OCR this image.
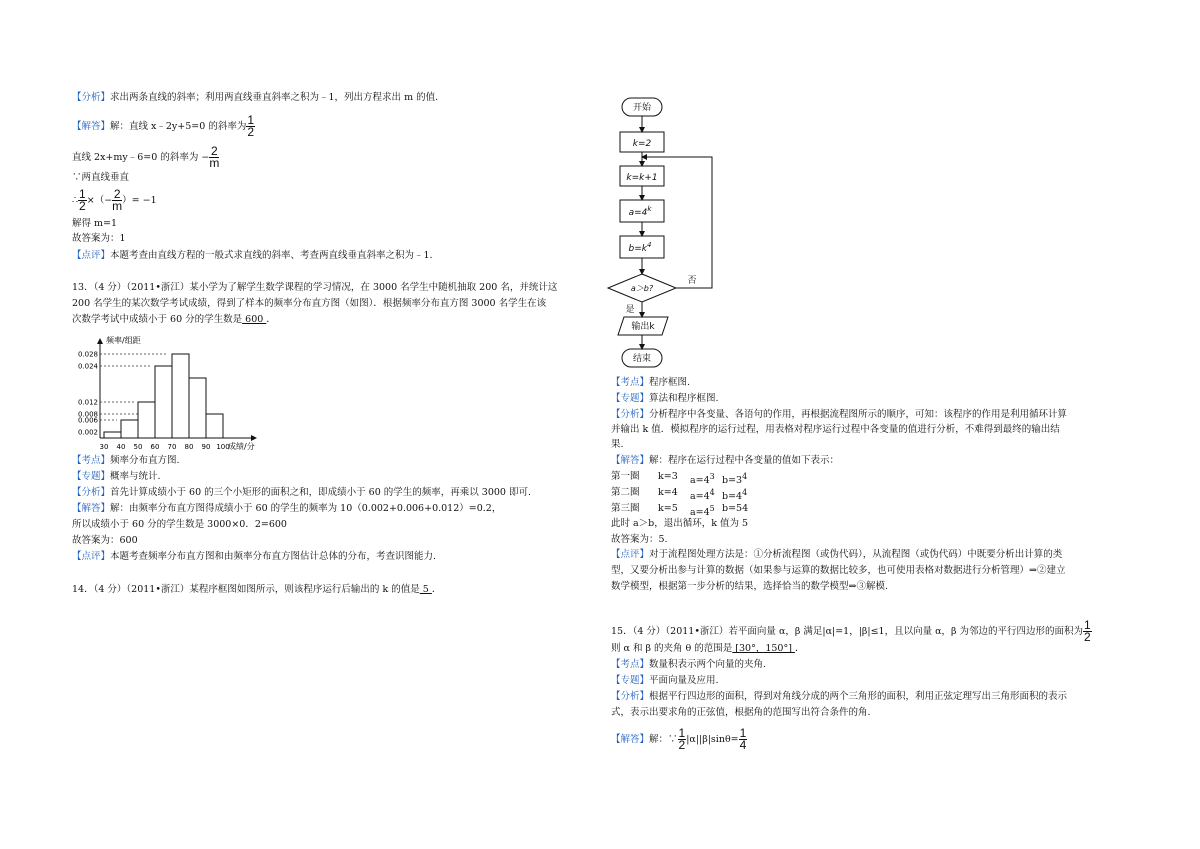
【分析】求出两条直线的斜率；利用两直线垂直斜率之积为﹣1，列出方程求出 m 的值.
【解答】解：直线 x﹣2y+5=0 的斜率为 $\frac{1}{2}$
直线 2x+my﹣6=0 的斜率为 − $\frac{2}{m}$
∵两直线垂直
∴ $\frac{1}{2}$ ×（− $\frac{2}{m}$ ）= −1
解得 m=1
故答案为：1
【点评】本题考查由直线方程的一般式求直线的斜率、考查两直线垂直斜率之积为﹣1.
13．（4 分）（2011•浙江）某小学为了解学生数学课程的学习情况，在 3000 名学生中随机抽取 200 名，并统计这
200 名学生的某次数学考试成绩，得到了样本的频率分布直方图（如图）．根据频率分布直方图 3000 名学生在该
次数学考试中成绩小于 60 分的学生数是 600 ．
0.028
0.024
0.012
0.008
0.006
0.002
30 40 50 60 70 80 90 100
频率/组距
成绩/分
【考点】频率分布直方图.
【专题】概率与统计.
【分析】首先计算成绩小于 60 的三个小矩形的面积之和，即成绩小于 60 的学生的频率，再乘以 3000 即可.
【解答】解：由频率分布直方图得成绩小于 60 的学生的频率为 10（0.002+0.006+0.012）=0.2，
所以成绩小于 60 分的学生数是 3000×0．2=600
故答案为：600
【点评】本题考查频率分布直方图和由频率分布直方图估计总体的分布，考查识图能力.
14．（4 分）（2011•浙江）某程序框图如图所示，则该程序运行后输出的 k 的值是 5 ．
开始
k=2
k=k+1
$a=4^k$
$b=k^4$
a＞b?
否
是
输出k
结束
【考点】程序框图.
【专题】算法和程序框图.
【分析】分析程序中各变量、各语句的作用，再根据流程图所示的顺序，可知：该程序的作用是利用循环计算
并输出 k 值．模拟程序的运行过程，用表格对程序运行过程中各变量的值进行分析，不难得到最终的输出结
果.
【解答】解：程序在运行过程中各变量的值如下表示：
第一圈 k=3 $a=4^3$ $b=3^4$
第二圈 k=4 $a=4^4$ $b=4^4$
第三圈 k=5 $a=4^5$ b=54
此时 a＞b，退出循环，k 值为 5
故答案为：5.
【点评】对于流程图处理方法是：①分析流程图（或伪代码），从流程图（或伪代码）中既要分析出计算的类
型，又要分析出参与计算的数据（如果参与运算的数据比较多，也可使用表格对数据进行分析管理）⇒②建立
数学模型，根据第一步分析的结果，选择恰当的数学模型⇒③解模.
15．（4 分）（2011•浙江）若平面向量 α，β 满足|α|=1，|β|≤1，且以向量 α，β 为邻边的平行四边形的面积为 $\frac{1}{2}$
则 α 和 β 的夹角 θ 的范围是 [30°，150°] ．
【考点】数量积表示两个向量的夹角.
【专题】平面向量及应用.
【分析】根据平行四边形的面积，得到对角线分成的两个三角形的面积，利用正弦定理写出三角形面积的表示
式，表示出要求角的正弦值，根据角的范围写出符合条件的角.
【解答】解：∵ $\frac{1}{2} |\alpha||\beta|\sin\theta= \frac{1}{4}$
